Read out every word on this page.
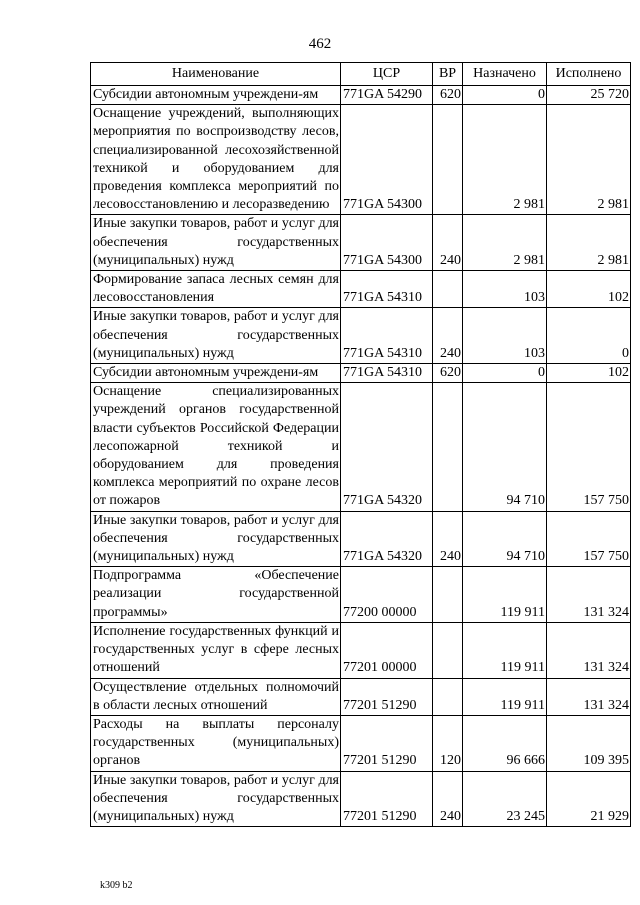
462
Наименование	ЦСР	ВР	Назначено	Исполнено
Субсидии автономным учреждени-ям	771GA 54290	620	0	25 720
Оснащение учреждений, выполняющих мероприятия по воспроизводству лесов, специализированной лесохозяйственной техникой и оборудованием для проведения комплекса мероприятий по лесовосстановлению и лесоразведению	771GA 54300		2 981	2 981
Иные закупки товаров, работ и услуг для обеспечения государственных (муниципальных) нужд	771GA 54300	240	2 981	2 981
Формирование запаса лесных семян для лесовосстановления	771GA 54310		103	102
Иные закупки товаров, работ и услуг для обеспечения государственных (муниципальных) нужд	771GA 54310	240	103	0
Субсидии автономным учреждени-ям	771GA 54310	620	0	102
Оснащение специализированных учреждений органов государственной власти субъектов Российской Федерации лесопожарной техникой и оборудованием для проведения комплекса мероприятий по охране лесов от пожаров	771GA 54320		94 710	157 750
Иные закупки товаров, работ и услуг для обеспечения государственных (муниципальных) нужд	771GA 54320	240	94 710	157 750
Подпрограмма «Обеспечение реализации государственной программы»	77200 00000		119 911	131 324
Исполнение государственных функций и государственных услуг в сфере лесных отношений	77201 00000		119 911	131 324
Осуществление отдельных полномочий в области лесных отношений	77201 51290		119 911	131 324
Расходы на выплаты персоналу государственных (муниципальных) органов	77201 51290	120	96 666	109 395
Иные закупки товаров, работ и услуг для обеспечения государственных (муниципальных) нужд	77201 51290	240	23 245	21 929
k309 b2
